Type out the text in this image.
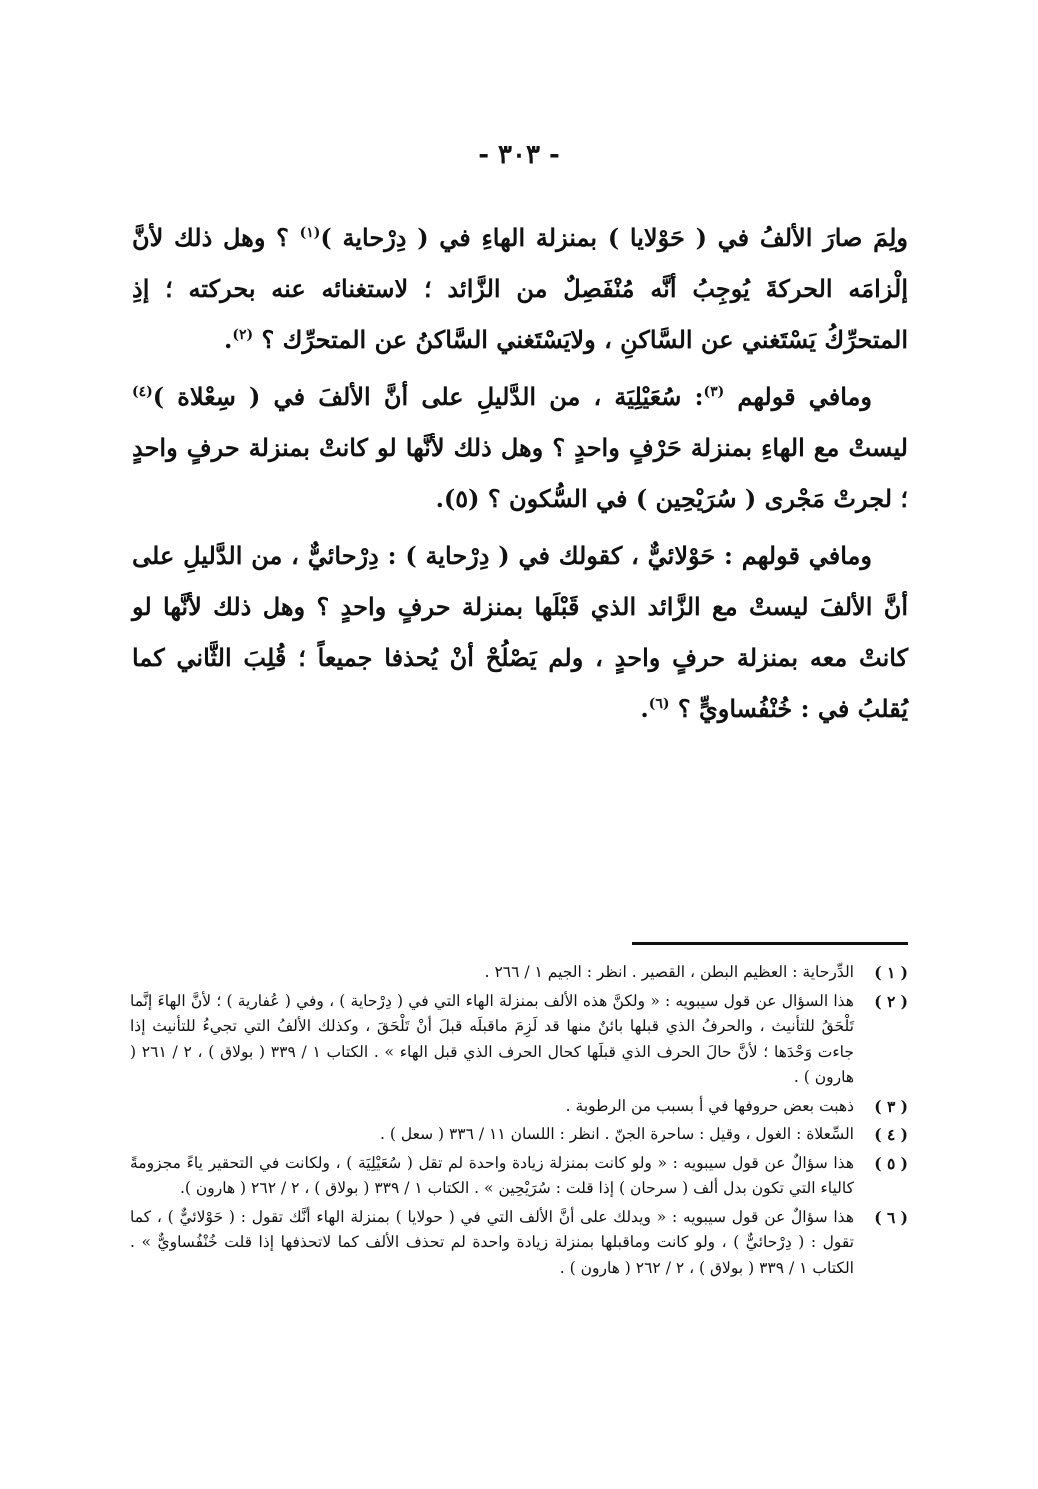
- ٣٠٣ -

ولِمَ صارَ الألفُ في ( حَوْلايا ) بمنزلة الهاءِ في ( دِرْحاية )$^{(١)}$ ؟ وهل ذلك لأنَّ إلْزامَه الحركةَ يُوجِبُ أنَّه مُنْفَصِلٌ من الزَّائد ؛ لاستغنائه عنه بحركته ؛ إذِ المتحرِّكُ يَسْتَغني عن السَّاكنِ ، ولايَسْتَغني السَّاكنُ عن المتحرِّك ؟ $^{(٢)}$.

ومافي قولهم $^{(٣)}$: سُعَيْلِيَة ، من الدَّليلِ على أنَّ الألفَ في ( سِعْلاة )$^{(٤)}$ ليستْ مع الهاءِ بمنزلة حَرْفٍ واحدٍ ؟ وهل ذلك لأنَّها لو كانتْ بمنزلة حرفٍ واحدٍ ؛ لجرتْ مَجْرى ( سُرَيْحِين ) في السُّكون ؟ (٥).

ومافي قولهم : حَوْلائيٌّ ، كقولك في ( دِرْحاية ) : دِرْحائيٌّ ، من الدَّليلِ على أنَّ الألفَ ليستْ مع الزَّائد الذي قَبْلَها بمنزلة حرفٍ واحدٍ ؟ وهل ذلك لأنَّها لو كانتْ معه بمنزلة حرفٍ واحدٍ ، ولم يَصْلُحْ أنْ يُحذفا جميعاً ؛ قُلِبَ الثَّاني كما يُقلبُ في : خُنْفُساويٍّ ؟ $^{(٦)}$.

( ١ )
الدِّرحاية : العظيم البطن ، القصير . انظر : الجيم ١ / ٢٦٦ .
( ٢ )
هذا السؤال عن قول سيبويه : « ولكنَّ هذه الألف بمنزلة الهاء التي في ( دِرْحاية ) ، وفي ( عُفارية ) ؛ لأنَّ الهاءَ إنَّما تَلْحَقُ للتأنيث ، والحرفُ الذي قبلها بائنٌ منها قد لَزِمَ ماقبلَه قبلَ أنْ تَلْحَقَ ، وكذلك الألفُ التي تجيءُ للتأنيث إذا جاءت وَحْدَها ؛ لأنَّ حالَ الحرف الذي قبلَها كحال الحرف الذي قبل الهاء » . الكتاب ١ / ٣٣٩ ( بولاق ) ، ٢ / ٢٦١ ( هارون ) .
( ٣ )
ذهبت بعض حروفها في أ بسبب من الرطوبة .
( ٤ )
السِّعلاة : الغول ، وقيل : ساحرة الجنّ . انظر : اللسان ١١ / ٣٣٦ ( سعل ) .
( ٥ )
هذا سؤالٌ عن قول سيبويه : « ولو كانت بمنزلة زيادة واحدة لم تقل ( سُعَيْلِيَة ) ، ولكانت في التحقير ياءً مجزومةً كالياء التي تكون بدل ألف ( سرحان ) إذا قلت : سُرَيْحِين » . الكتاب ١ / ٣٣٩ ( بولاق ) ، ٢ / ٢٦٢ ( هارون ).
( ٦ )
هذا سؤالٌ عن قول سيبويه : « ويدلك على أنَّ الألف التي في ( حولايا ) بمنزلة الهاء أنَّك تقول : ( حَوْلائيٌّ ) ، كما تقول : ( دِرْحائيٌّ ) ، ولو كانت وماقبلها بمنزلة زيادة واحدة لم تحذف الألف كما لاتحذفها إذا قلت خُنْفُساويٌّ » . الكتاب ١ / ٣٣٩ ( بولاق ) ، ٢ / ٢٦٢ ( هارون ) .
